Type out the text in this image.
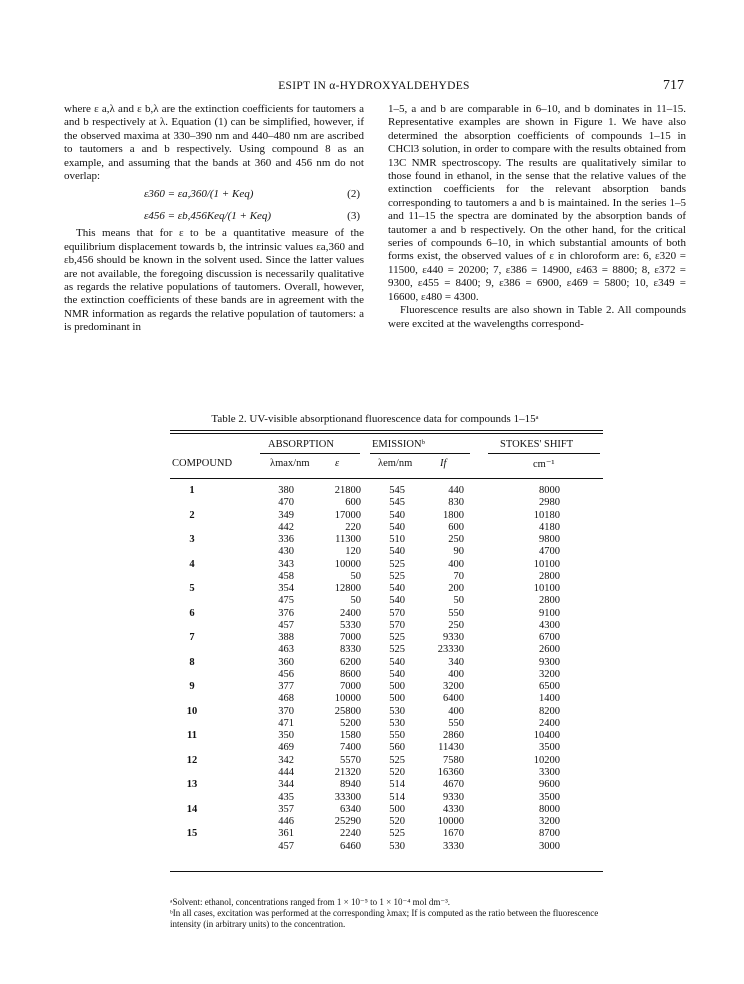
ESIPT IN α-HYDROXYALDEHYDES	717

where ε a,λ and ε b,λ are the extinction coefficients for tautomers a and b respectively at λ. Equation (1) can be simplified, however, if the observed maxima at 330–390 nm and 440–480 nm are ascribed to tautomers a and b respectively. Using compound 8 as an example, and assuming that the bands at 360 and 456 nm do not overlap:

ε360 = εa,360/(1 + Keq)	(2)
ε456 = εb,456Keq/(1 + Keq)	(3)

This means that for ε to be a quantitative measure of the equilibrium displacement towards b, the intrinsic values εa,360 and εb,456 should be known in the solvent used. Since the latter values are not available, the foregoing discussion is necessarily qualitative as regards the relative populations of tautomers. Overall, however, the extinction coefficients of these bands are in agreement with the NMR information as regards the relative population of tautomers: a is predominant in

1–5, a and b are comparable in 6–10, and b dominates in 11–15. Representative examples are shown in Figure 1. We have also determined the absorption coefficients of compounds 1–15 in CHCl3 solution, in order to compare with the results obtained from 13C NMR spectroscopy. The results are qualitatively similar to those found in ethanol, in the sense that the relative values of the extinction coefficients for the relevant absorption bands corresponding to tautomers a and b is maintained. In the series 1–5 and 11–15 the spectra are dominated by the absorption bands of tautomer a and b respectively. On the other hand, for the critical series of compounds 6–10, in which substantial amounts of both forms exist, the observed values of ε in chloroform are: 6, ε320 = 11500, ε440 = 20200; 7, ε386 = 14900, ε463 = 8800; 8, ε372 = 9300, ε455 = 8400; 9, ε386 = 6900, ε469 = 5800; 10, ε349 = 16600, ε480 = 4300.

Fluorescence results are also shown in Table 2. All compounds were excited at the wavelengths correspond-

Table 2. UV-visible absorptionand fluorescence data for compounds 1–15ᵃ
ABSORPTION	EMISSIONᵇ	STOKES' SHIFT
COMPOUND	λmax/nm ε	λem/nm	If	cm⁻¹
1	380	21800	545	440	8000
470	600	545	830	2980
2	349	17000	540	1800	10180
442	220	540	600	4180
3	336	11300	510	250	9800
430	120	540	90	4700
4	343	10000	525	400	10100
458	50	525	70	2800
5	354	12800	540	200	10100
475	50	540	50	2800
6	376	2400	570	550	9100
457	5330	570	250	4300
7	388	7000	525	9330	6700
463	8330	525	23330	2600
8	360	6200	540	340	9300
456	8600	540	400	3200
9	377	7000	500	3200	6500
468	10000	500	6400	1400
10	370	25800	530	400	8200
471	5200	530	550	2400
11	350	1580	550	2860	10400
469	7400	560	11430	3500
12	342	5570	525	7580	10200
444	21320	520	16360	3300
13	344	8940	514	4670	9600
435	33300	514	9330	3500
14	357	6340	500	4330	8000
446	25290	520	10000	3200
15	361	2240	525	1670	8700
457	6460	530	3330	3000

ᵃSolvent: ethanol, concentrations ranged from 1 × 10⁻⁵ to 1 × 10⁻⁴ mol dm⁻³.

ᵇIn all cases, excitation was performed at the corresponding λmax; If is computed as the ratio between the fluorescence intensity (in arbitrary units) to the concentration.
